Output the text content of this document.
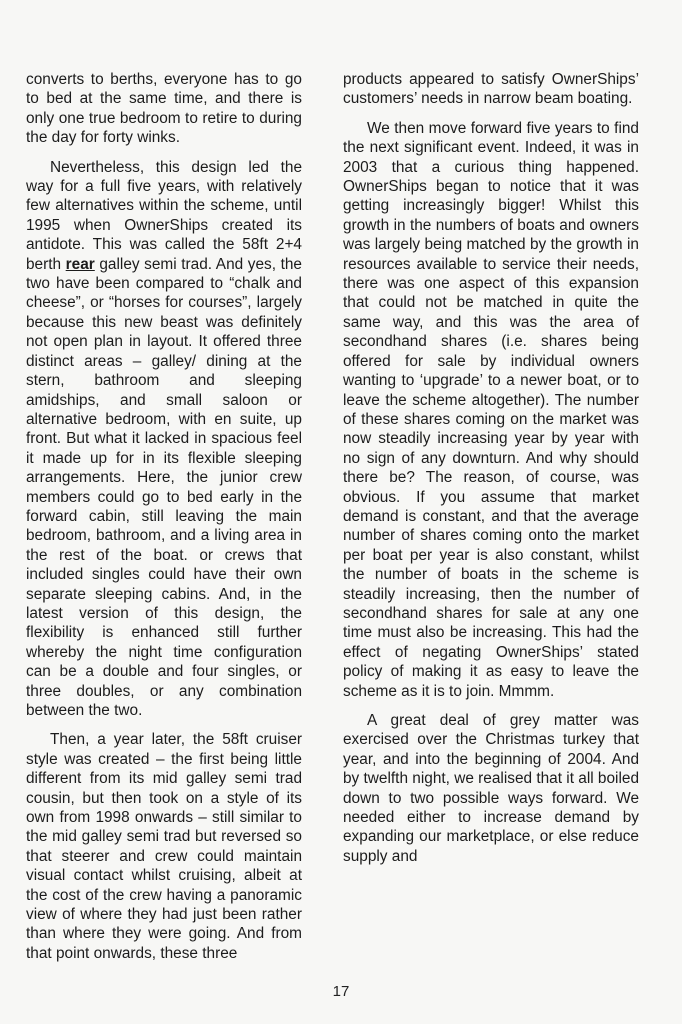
converts to berths, everyone has to go to bed at the same time, and there is only one true bedroom to retire to during the day for forty winks.

Nevertheless, this design led the way for a full five years, with relatively few alternatives within the scheme, until 1995 when OwnerShips created its antidote. This was called the 58ft 2+4 berth rear galley semi trad. And yes, the two have been compared to “chalk and cheese”, or “horses for courses”, largely because this new beast was definitely not open plan in layout. It offered three distinct areas – galley/ dining at the stern, bathroom and sleeping amidships, and small saloon or alternative bedroom, with en suite, up front. But what it lacked in spacious feel it made up for in its flexible sleeping arrangements. Here, the junior crew members could go to bed early in the forward cabin, still leaving the main bedroom, bathroom, and a living area in the rest of the boat. or crews that included singles could have their own separate sleeping cabins. And, in the latest version of this design, the flexibility is enhanced still further whereby the night time configuration can be a double and four singles, or three doubles, or any combination between the two.

Then, a year later, the 58ft cruiser style was created – the first being little different from its mid galley semi trad cousin, but then took on a style of its own from 1998 onwards – still similar to the mid galley semi trad but reversed so that steerer and crew could maintain visual contact whilst cruising, albeit at the cost of the crew having a panoramic view of where they had just been rather than where they were going. And from that point onwards, these three

products appeared to satisfy OwnerShips’ customers’ needs in narrow beam boating.

We then move forward five years to find the next significant event. Indeed, it was in 2003 that a curious thing happened. OwnerShips began to notice that it was getting increasingly bigger! Whilst this growth in the numbers of boats and owners was largely being matched by the growth in resources available to service their needs, there was one aspect of this expansion that could not be matched in quite the same way, and this was the area of secondhand shares (i.e. shares being offered for sale by individual owners wanting to ‘upgrade’ to a newer boat, or to leave the scheme altogether). The number of these shares coming on the market was now steadily increasing year by year with no sign of any downturn. And why should there be? The reason, of course, was obvious. If you assume that market demand is constant, and that the average number of shares coming onto the market per boat per year is also constant, whilst the number of boats in the scheme is steadily increasing, then the number of secondhand shares for sale at any one time must also be increasing. This had the effect of negating OwnerShips’ stated policy of making it as easy to leave the scheme as it is to join. Mmmm.

A great deal of grey matter was exercised over the Christmas turkey that year, and into the beginning of 2004. And by twelfth night, we realised that it all boiled down to two possible ways forward. We needed either to increase demand by expanding our marketplace, or else reduce supply and

17
